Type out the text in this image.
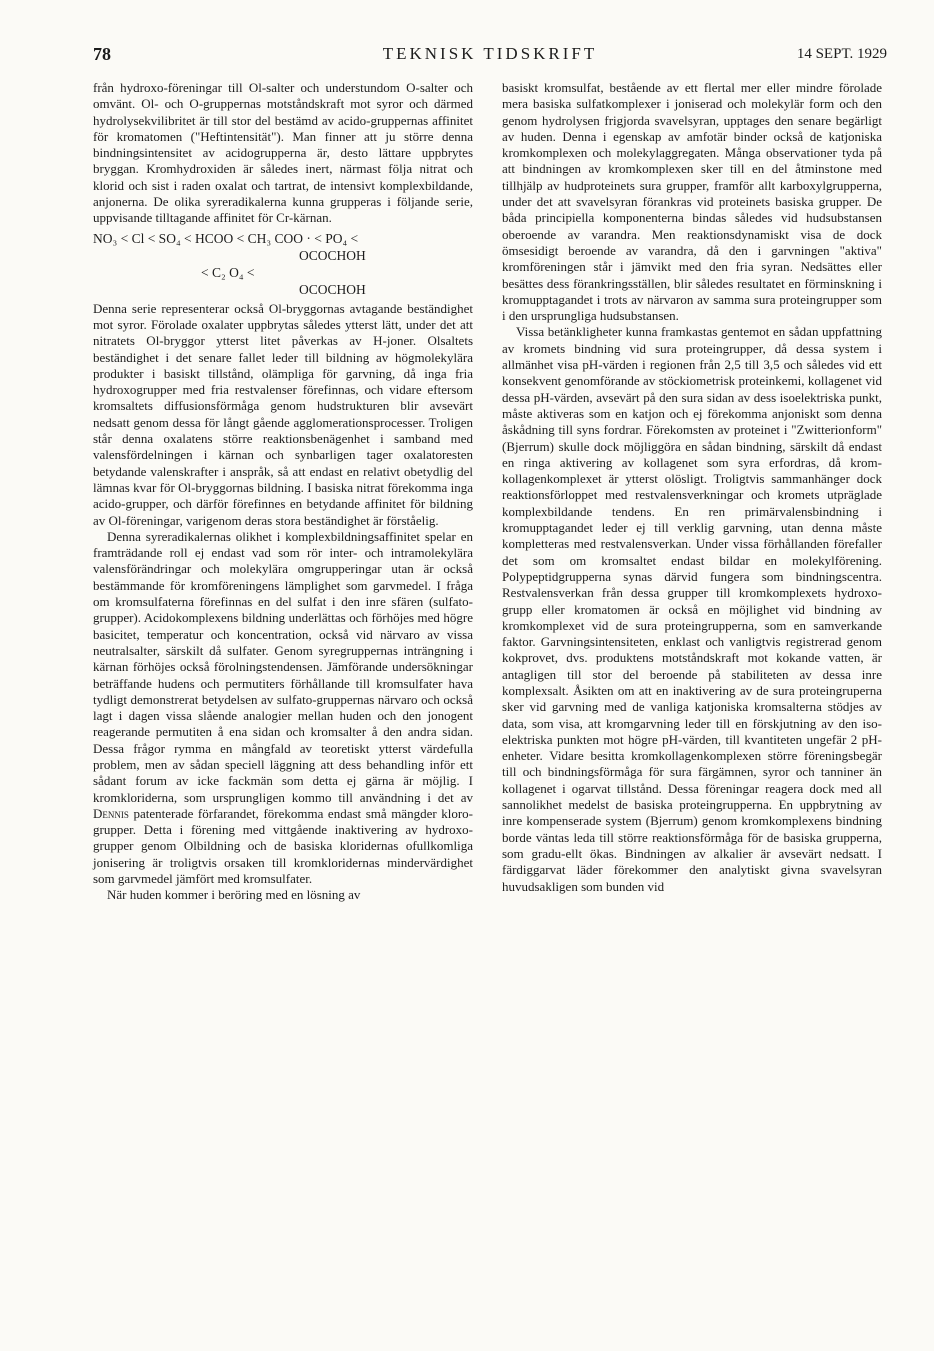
78	TEKNISK TIDSKRIFT	14 SEPT. 1929

från hydroxo-föreningar till Ol-salter och understundom O-salter och omvänt. Ol- och O-gruppernas motståndskraft mot syror och därmed hydrolysekvilibritet är till stor del bestämd av acido-gruppernas affinitet för kromatomen ("Heftintensität"). Man finner att ju större denna bindningsintensitet av acidogrupperna är, desto lättare uppbrytes bryggan. Kromhydroxiden är således inert, närmast följa nitrat och klorid och sist i raden oxalat och tartrat, de intensivt komplexbildande, anjonerna. De olika syreradikalerna kunna grupperas i följande serie, uppvisande tilltagande affinitet för Cr-kärnan.

NO₃ < Cl < SO₄ < HCOO < CH₃ COO · < PO₄ <
OCOCHOH
< C₂ O₄ <
OCOCHOH

Denna serie representerar också Ol-bryggornas avtagande beständighet mot syror. Förolade oxalater uppbrytas således ytterst lätt, under det att nitratets Ol-bryggor ytterst litet påverkas av H-joner. Olsaltets beständighet i det senare fallet leder till bildning av högmolekylära produkter i basiskt tillstånd, olämpliga för garvning, då inga fria hydroxogrupper med fria restvalenser förefinnas, och vidare eftersom kromsaltets diffusionsförmåga genom hudstrukturen blir avsevärt nedsatt genom dessa för långt gående agglomerationsprocesser. Troligen står denna oxalatens större reaktionsbenägenhet i samband med valensfördelningen i kärnan och synbarligen tager oxalatoresten betydande valenskrafter i anspråk, så att endast en relativt obetydlig del lämnas kvar för Ol-bryggornas bildning. I basiska nitrat förekomma inga acido-grupper, och därför förefinnes en betydande affinitet för bildning av Ol-föreningar, varigenom deras stora beständighet är förståelig.

Denna syreradikalernas olikhet i komplexbildningsaffinitet spelar en framträdande roll ej endast vad som rör inter- och intramolekylära valensförändringar och molekylära omgrupperingar utan är också bestämmande för kromföreningens lämplighet som garvmedel. I fråga om kromsulfaterna förefinnas en del sulfat i den inre sfären (sulfato-grupper). Acidokomplexens bildning underlättas och förhöjes med högre basicitet, temperatur och koncentration, också vid närvaro av vissa neutralsalter, särskilt då sulfater. Genom syregruppernas inträngning i kärnan förhöjes också förolningstendensen. Jämförande undersökningar beträffande hudens och permutiters förhållande till kromsulfater hava tydligt demonstrerat betydelsen av sulfato-gruppernas närvaro och också lagt i dagen vissa slående analogier mellan huden och den jonogent reagerande permutiten å ena sidan och kromsalter å den andra sidan. Dessa frågor rymma en mångfald av teoretiskt ytterst värdefulla problem, men av sådan speciell läggning att dess behandling inför ett sådant forum av icke fackmän som detta ej gärna är möjlig. I kromkloriderna, som ursprungligen kommo till användning i det av Dennis patenterade förfarandet, förekomma endast små mängder kloro-grupper. Detta i förening med vittgående inaktivering av hydroxo-grupper genom Olbildning och de basiska kloridernas ofullkomliga jonisering är troligtvis orsaken till kromkloridernas mindervärdighet som garvmedel jämfört med kromsulfater.

När huden kommer i beröring med en lösning av

basiskt kromsulfat, bestående av ett flertal mer eller mindre förolade mera basiska sulfatkomplexer i joniserad och molekylär form och den genom hydrolysen frigjorda svavelsyran, upptages den senare begärligt av huden. Denna i egenskap av amfotär binder också de katjoniska kromkomplexen och molekylaggregaten. Många observationer tyda på att bindningen av kromkomplexen sker till en del åtminstone med tillhjälp av hudproteinets sura grupper, framför allt karboxylgrupperna, under det att svavelsyran förankras vid proteinets basiska grupper. De båda principiella komponenterna bindas således vid hudsubstansen oberoende av varandra. Men reaktionsdynamiskt visa de dock ömsesidigt beroende av varandra, då den i garvningen "aktiva" kromföreningen står i jämvikt med den fria syran. Nedsättes eller besättes dess förankringsställen, blir således resultatet en förminskning i kromupptagandet i trots av närvaron av samma sura proteingrupper som i den ursprungliga hudsubstansen.

Vissa betänkligheter kunna framkastas gentemot en sådan uppfattning av kromets bindning vid sura proteingrupper, då dessa system i allmänhet visa pH-värden i regionen från 2,5 till 3,5 och således vid ett konsekvent genomförande av stöckiometrisk proteinkemi, kollagenet vid dessa pH-värden, avsevärt på den sura sidan av dess isoelektriska punkt, måste aktiveras som en katjon och ej förekomma anjoniskt som denna åskådning till syns fordrar. Förekomsten av proteinet i "Zwitterionform" (Bjerrum) skulle dock möjliggöra en sådan bindning, särskilt då endast en ringa aktivering av kollagenet som syra erfordras, då krom-kollagenkomplexet är ytterst olösligt. Troligtvis sammanhänger dock reaktionsförloppet med restvalensverkningar och kromets utpräglade komplexbildande tendens. En ren primärvalensbindning i kromupptagandet leder ej till verklig garvning, utan denna måste kompletteras med restvalensverkan. Under vissa förhållanden förefaller det som om kromsaltet endast bildar en molekylförening. Polypeptidgrupperna synas därvid fungera som bindningscentra. Restvalensverkan från dessa grupper till kromkomplexets hydroxo-grupp eller kromatomen är också en möjlighet vid bindning av kromkomplexet vid de sura proteingrupperna, som en samverkande faktor. Garvningsintensiteten, enklast och vanligtvis registrerad genom kokprovet, dvs. produktens motståndskraft mot kokande vatten, är antagligen till stor del beroende på stabiliteten av dessa inre komplexsalt. Åsikten om att en inaktivering av de sura proteingruperna sker vid garvning med de vanliga katjoniska kromsalterna stödjes av data, som visa, att kromgarvning leder till en förskjutning av den iso-elektriska punkten mot högre pH-värden, till kvantiteten ungefär 2 pH-enheter. Vidare besitta kromkollagenkomplexen större föreningsbegär till och bindningsförmåga för sura färgämnen, syror och tanniner än kollagenet i ogarvat tillstånd. Dessa föreningar reagera dock med all sannolikhet medelst de basiska proteingrupperna. En uppbrytning av inre kompenserade system (Bjerrum) genom kromkomplexens bindning borde väntas leda till större reaktionsförmåga för de basiska grupperna, som gradu-ellt ökas. Bindningen av alkalier är avsevärt nedsatt. I färdiggarvat läder förekommer den analytiskt givna svavelsyran huvudsakligen som bunden vid
